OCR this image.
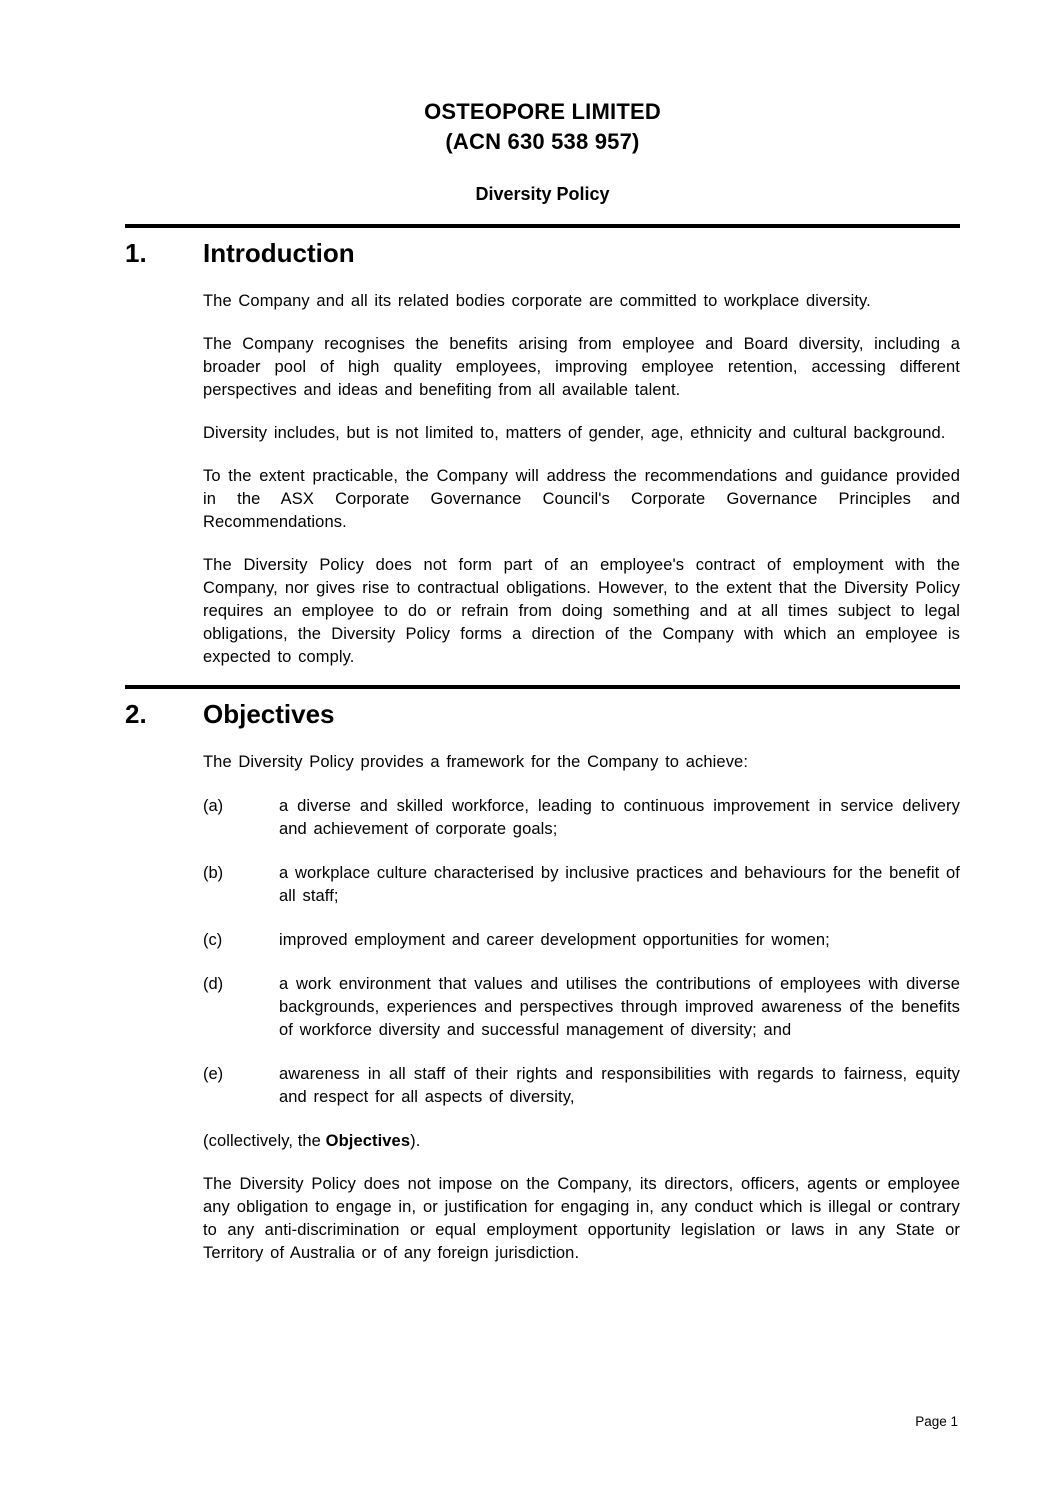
OSTEOPORE LIMITED
(ACN 630 538 957)
Diversity Policy
1.	Introduction

The Company and all its related bodies corporate are committed to workplace diversity.

The Company recognises the benefits arising from employee and Board diversity, including a broader pool of high quality employees, improving employee retention, accessing different perspectives and ideas and benefiting from all available talent.

Diversity includes, but is not limited to, matters of gender, age, ethnicity and cultural background.

To the extent practicable, the Company will address the recommendations and guidance provided in the ASX Corporate Governance Council's Corporate Governance Principles and Recommendations.

The Diversity Policy does not form part of an employee's contract of employment with the Company, nor gives rise to contractual obligations. However, to the extent that the Diversity Policy requires an employee to do or refrain from doing something and at all times subject to legal obligations, the Diversity Policy forms a direction of the Company with which an employee is expected to comply.

2.	Objectives

The Diversity Policy provides a framework for the Company to achieve:

(a)	a diverse and skilled workforce, leading to continuous improvement in service delivery and achievement of corporate goals;
(b)	a workplace culture characterised by inclusive practices and behaviours for the benefit of all staff;
(c)	improved employment and career development opportunities for women;
(d)	a work environment that values and utilises the contributions of employees with diverse backgrounds, experiences and perspectives through improved awareness of the benefits of workforce diversity and successful management of diversity; and
(e)	awareness in all staff of their rights and responsibilities with regards to fairness, equity and respect for all aspects of diversity,

(collectively, the Objectives).

The Diversity Policy does not impose on the Company, its directors, officers, agents or employee any obligation to engage in, or justification for engaging in, any conduct which is illegal or contrary to any anti-discrimination or equal employment opportunity legislation or laws in any State or Territory of Australia or of any foreign jurisdiction.

Page 1
